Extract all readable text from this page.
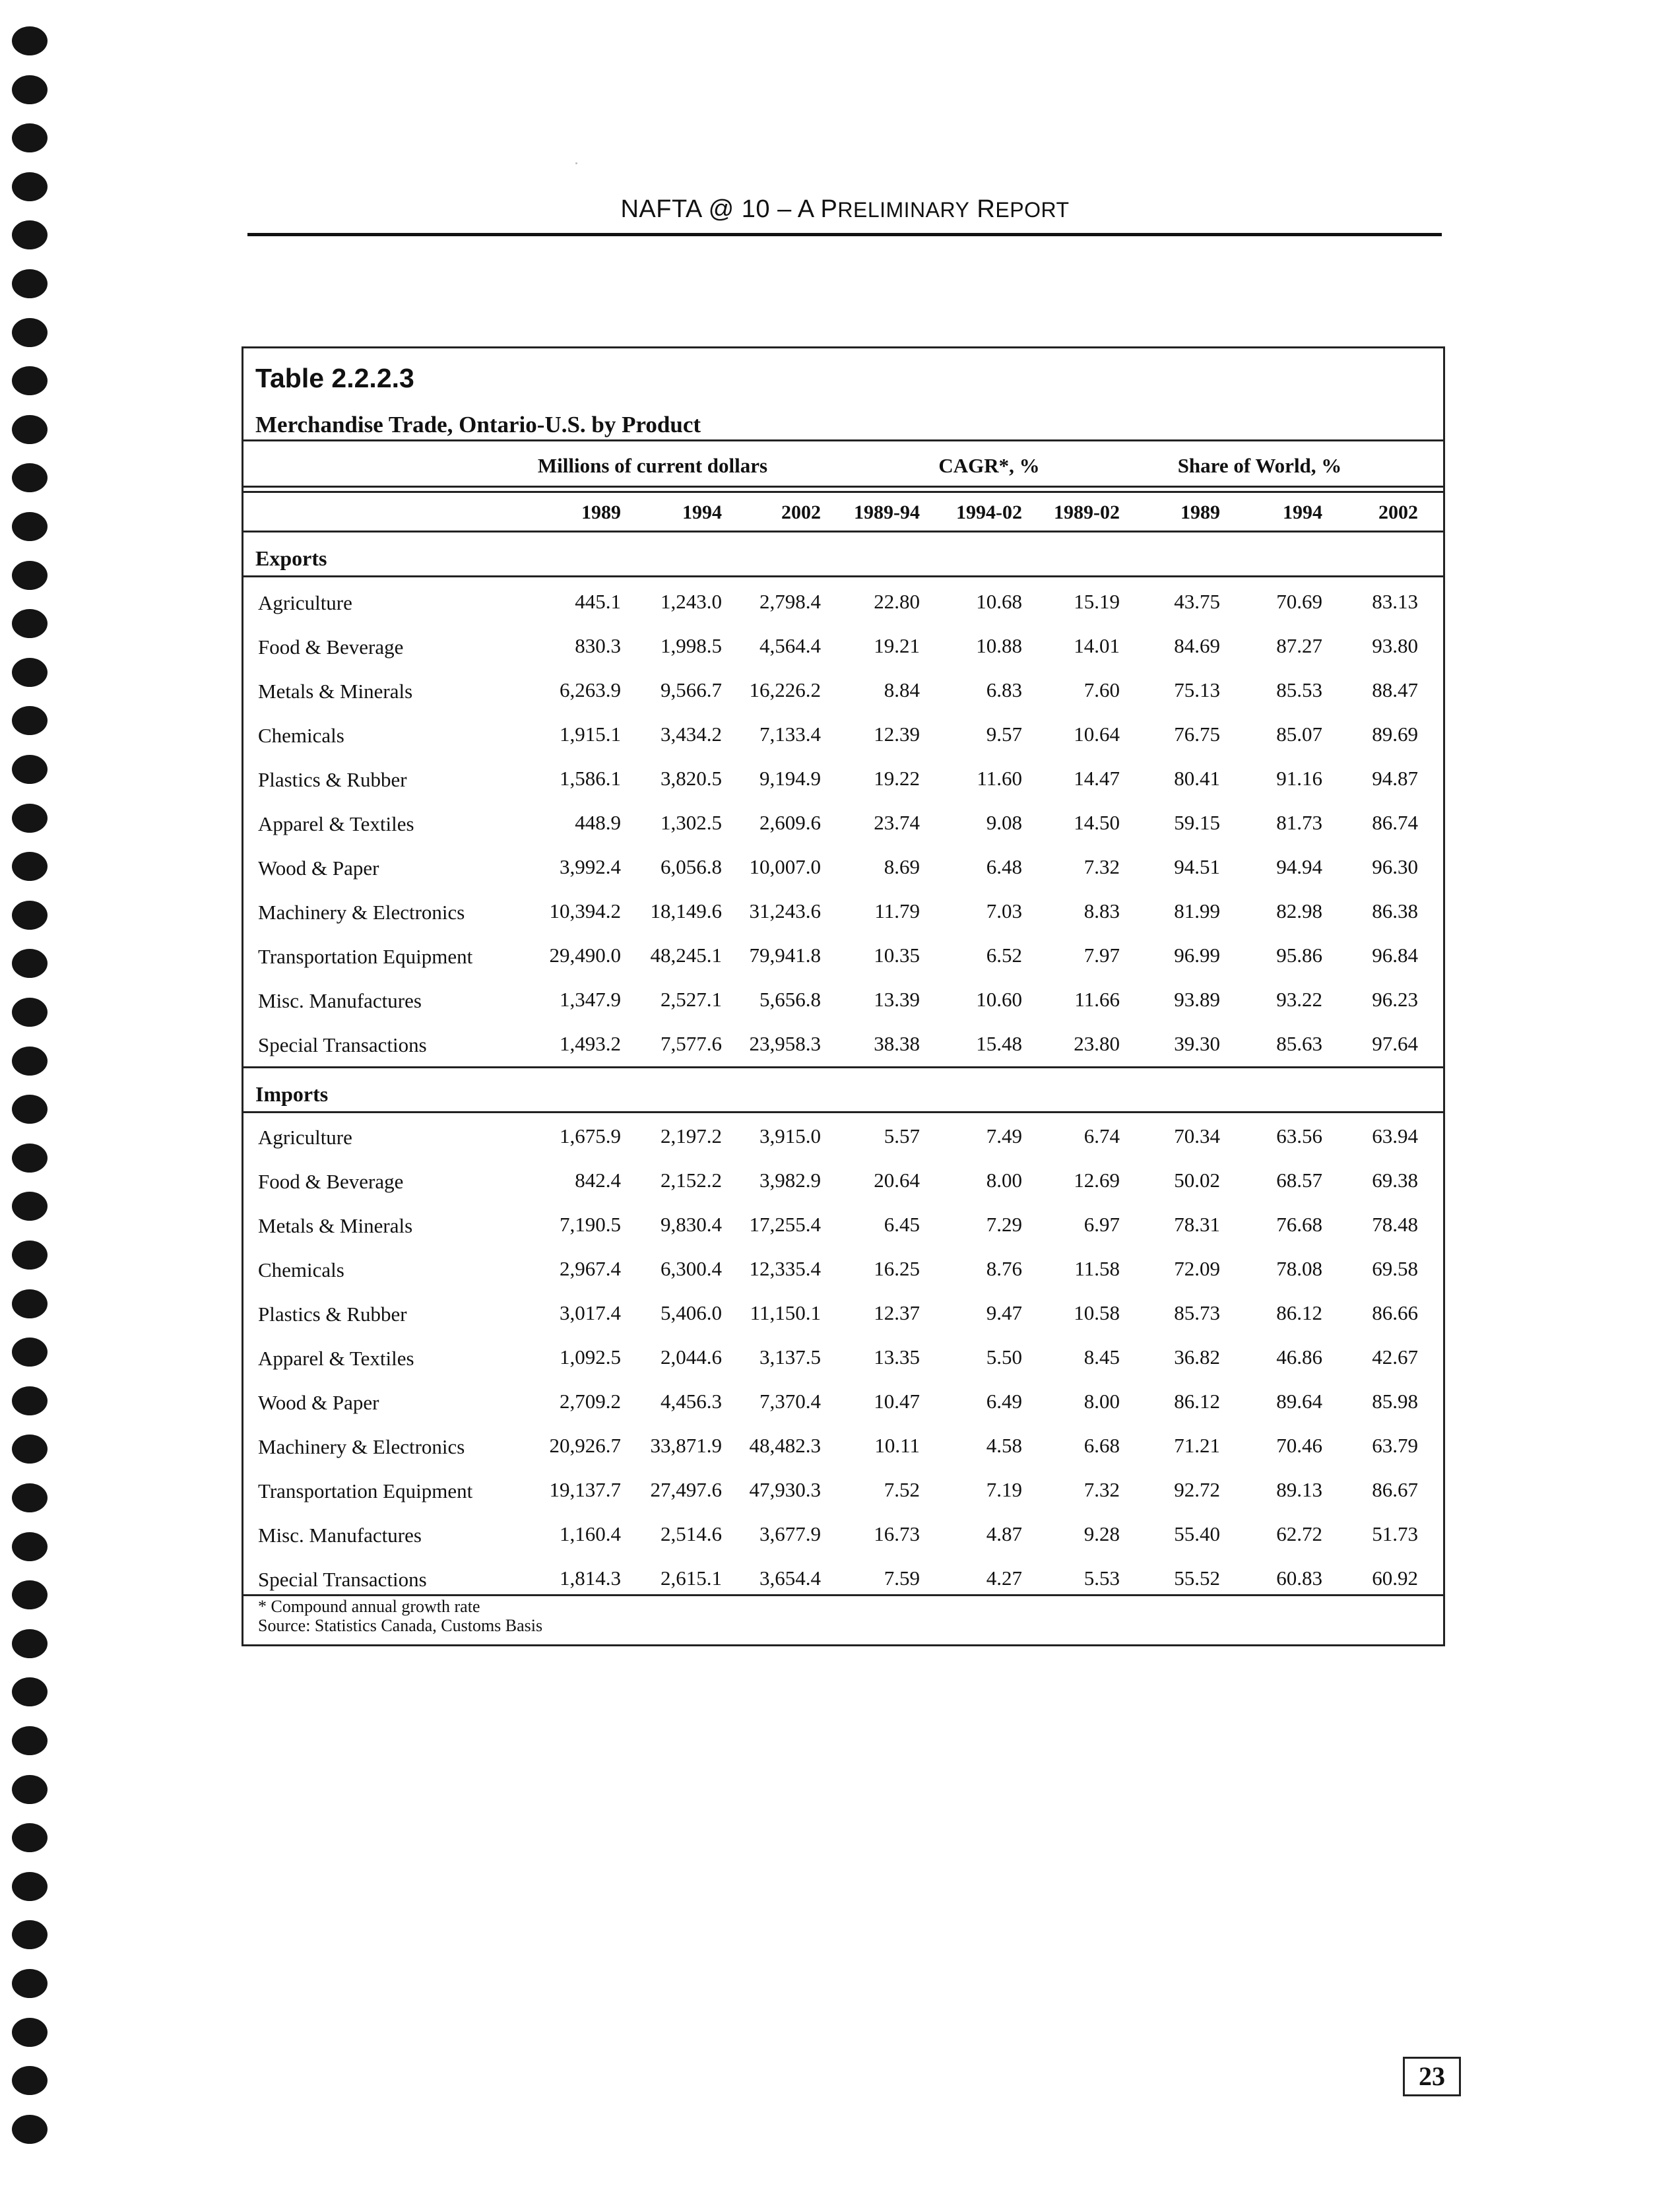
NAFTA @ 10 – A PRELIMINARY REPORT
Table 2.2.2.3
Merchandise Trade, Ontario-U.S. by Product
Millions of current dollars	CAGR*, %	Share of World, %
1989	1994	2002	1989-94	1994-02	1989-02	1989	1994	2002
Exports
Agriculture	445.1	1,243.0	2,798.4	22.80	10.68	15.19	43.75	70.69	83.13
Food & Beverage	830.3	1,998.5	4,564.4	19.21	10.88	14.01	84.69	87.27	93.80
Metals & Minerals	6,263.9	9,566.7	16,226.2	8.84	6.83	7.60	75.13	85.53	88.47
Chemicals	1,915.1	3,434.2	7,133.4	12.39	9.57	10.64	76.75	85.07	89.69
Plastics & Rubber	1,586.1	3,820.5	9,194.9	19.22	11.60	14.47	80.41	91.16	94.87
Apparel & Textiles	448.9	1,302.5	2,609.6	23.74	9.08	14.50	59.15	81.73	86.74
Wood & Paper	3,992.4	6,056.8	10,007.0	8.69	6.48	7.32	94.51	94.94	96.30
Machinery & Electronics	10,394.2	18,149.6	31,243.6	11.79	7.03	8.83	81.99	82.98	86.38
Transportation Equipment	29,490.0	48,245.1	79,941.8	10.35	6.52	7.97	96.99	95.86	96.84
Misc. Manufactures	1,347.9	2,527.1	5,656.8	13.39	10.60	11.66	93.89	93.22	96.23
Special Transactions	1,493.2	7,577.6	23,958.3	38.38	15.48	23.80	39.30	85.63	97.64
Imports
Agriculture	1,675.9	2,197.2	3,915.0	5.57	7.49	6.74	70.34	63.56	63.94
Food & Beverage	842.4	2,152.2	3,982.9	20.64	8.00	12.69	50.02	68.57	69.38
Metals & Minerals	7,190.5	9,830.4	17,255.4	6.45	7.29	6.97	78.31	76.68	78.48
Chemicals	2,967.4	6,300.4	12,335.4	16.25	8.76	11.58	72.09	78.08	69.58
Plastics & Rubber	3,017.4	5,406.0	11,150.1	12.37	9.47	10.58	85.73	86.12	86.66
Apparel & Textiles	1,092.5	2,044.6	3,137.5	13.35	5.50	8.45	36.82	46.86	42.67
Wood & Paper	2,709.2	4,456.3	7,370.4	10.47	6.49	8.00	86.12	89.64	85.98
Machinery & Electronics	20,926.7	33,871.9	48,482.3	10.11	4.58	6.68	71.21	70.46	63.79
Transportation Equipment	19,137.7	27,497.6	47,930.3	7.52	7.19	7.32	92.72	89.13	86.67
Misc. Manufactures	1,160.4	2,514.6	3,677.9	16.73	4.87	9.28	55.40	62.72	51.73
Special Transactions	1,814.3	2,615.1	3,654.4	7.59	4.27	5.53	55.52	60.83	60.92
* Compound annual growth rate
Source: Statistics Canada, Customs Basis
23
